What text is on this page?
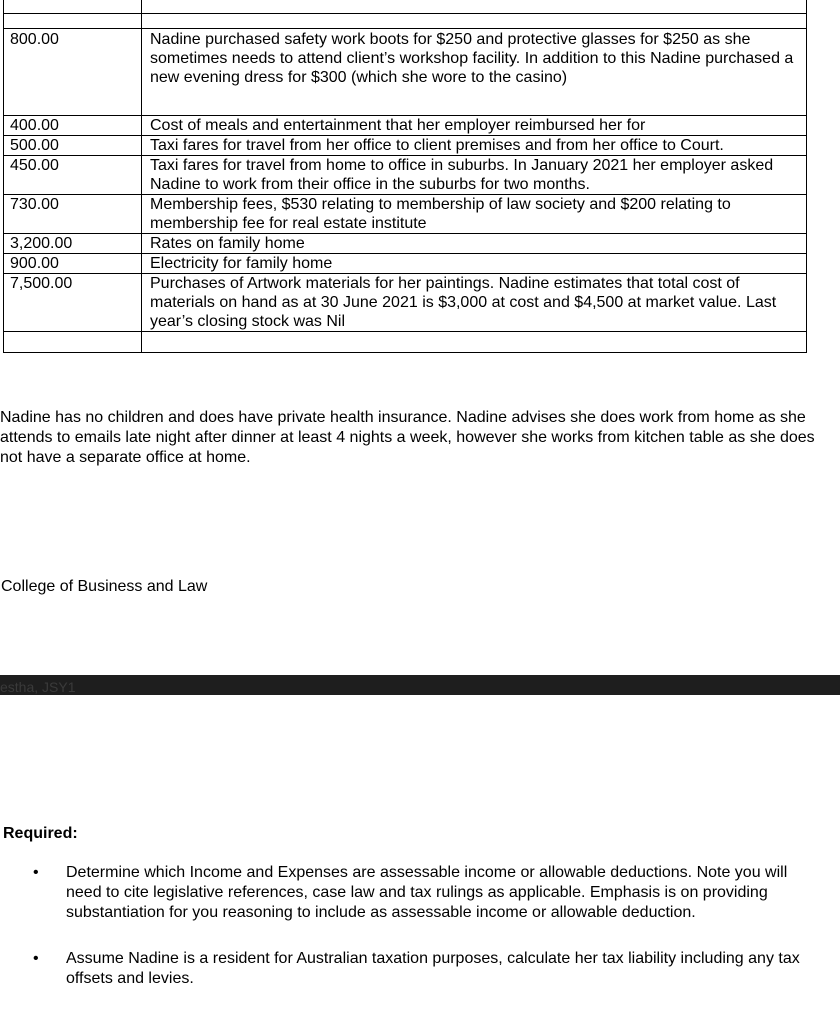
800.00	Nadine purchased safety work boots for $250 and protective glasses for $250 as she sometimes needs to attend client’s workshop facility. In addition to this Nadine purchased a new evening dress for $300 (which she wore to the casino)
400.00	Cost of meals and entertainment that her employer reimbursed her for
500.00	Taxi fares for travel from her office to client premises and from her office to Court.
450.00	Taxi fares for travel from home to office in suburbs. In January 2021 her employer asked Nadine to work from their office in the suburbs for two months.
730.00	Membership fees, $530 relating to membership of law society and $200 relating to membership fee for real estate institute
3,200.00	Rates on family home
900.00	Electricity for family home
7,500.00	Purchases of Artwork materials for her paintings. Nadine estimates that total cost of materials on hand as at 30 June 2021 is $3,000 at cost and $4,500 at market value. Last year’s closing stock was Nil

Nadine has no children and does have private health insurance. Nadine advises she does work from home as she attends to emails late night after dinner at least 4 nights a week, however she works from kitchen table as she does not have a separate office at home.

College of Business and Law

estha, JSY1

Required:

• Determine which Income and Expenses are assessable income or allowable deductions. Note you will need to cite legislative references, case law and tax rulings as applicable. Emphasis is on providing substantiation for you reasoning to include as assessable income or allowable deduction.
• Assume Nadine is a resident for Australian taxation purposes, calculate her tax liability including any tax offsets and levies.
